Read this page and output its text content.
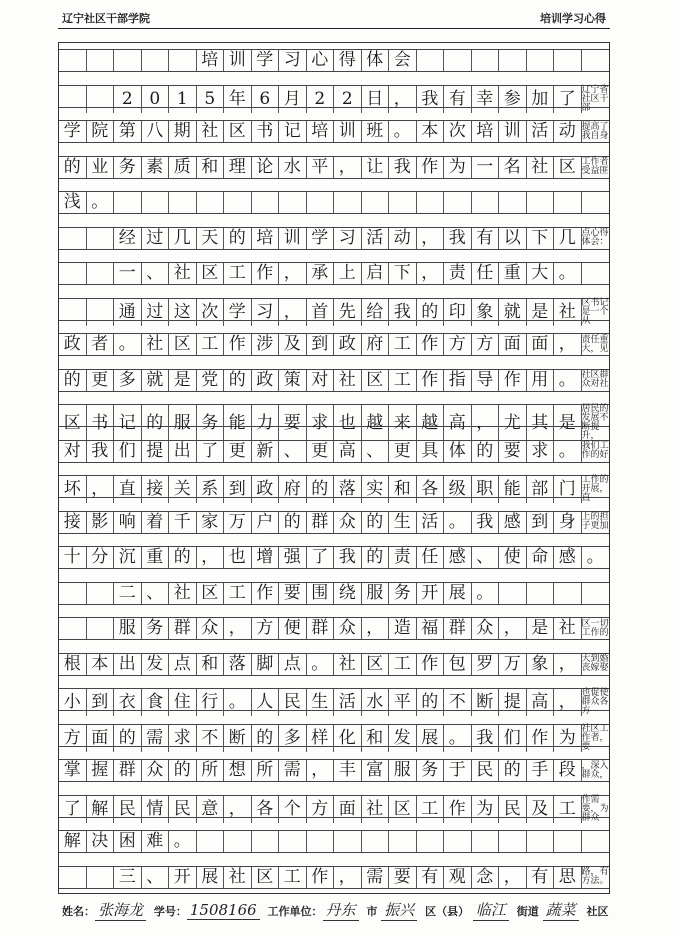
辽宁社区干部学院	培训学习心得
培 训 学 习 心 得 体 会
2 0 1 5 年 6 月 2 2 日 ， 我 有 幸 参 加 了 辽宁省社区干部
学 院 第 八 期 社 区 书 记 培 训 班 。 本 次 培 训 活 动 提高了我自身
的 业 务 素 质 和 理 论 水 平 ， 让 我 作 为 一 名 社 区 工作者受益匪
浅 。
经 过 几 天 的 培 训 学 习 活 动 ， 我 有 以 下 几 点心得体会：
一 、 社 区 工 作 ， 承 上 启 下 ， 责 任 重 大 。
通 过 这 次 学 习 ， 首 先 给 我 的 印 象 就 是 社 区书记是一个从
政 者 。 社 区 工 作 涉 及 到 政 府 工 作 方 方 面 面 ， 责任重大，见
的 更 多 就 是 党 的 政 策 对 社 区 工 作 指 导 作 用 。 社区群众对社
区 书 记 的 服 务 能 力 要 求 也 越 来 越 高 ， 尤 其 是
居民的发展不断提升，
对 我 们 提 出 了 更 新 、 更 高 、 更 具 体 的 要 求 。 我们工作的好
坏 ， 直 接 关 系 到 政 府 的 落 实 和 各 级 职 能 部 门 工作的开展，直
接 影 响 着 千 家 万 户 的 群 众 的 生 活 。 我 感 到 身 上的担子更加
十 分 沉 重 的 ， 也 增 强 了 我 的 责 任 感 、 使 命 感 。
二 、 社 区 工 作 要 围 绕 服 务 开 展 。
服 务 群 众 ， 方 便 群 众 ， 造 福 群 众 ， 是 社 区一切工作的
根 本 出 发 点 和 落 脚 点 。 社 区 工 作 包 罗 万 象 ， 大到婚丧嫁娶
小 到 衣 食 住 行 。 人 民 生 活 水 平 的 不 断 提 高 ， 也促使群众各方
方 面 的 需 求 不 断 的 多 样 化 和 发 展 。 我 们 作 为 社区工作者，要
掌 握 群 众 的 所 想 所 需 ， 丰 富 服 务 于 民 的 手 段 ，深入群众，
了 解 民 情 民 意 ， 各 个 方 面 社 区 工 作 为 民 及 工 作需要，为群众
解 决 困 难 。
三 、 开 展 社 区 工 作 ， 需 要 有 观 念 ， 有 思 路，有方法。
姓名： 张海龙 学号： 1508166 工作单位： 丹东 市 振兴 区（县） 临江 街道 蔬菜 社区
